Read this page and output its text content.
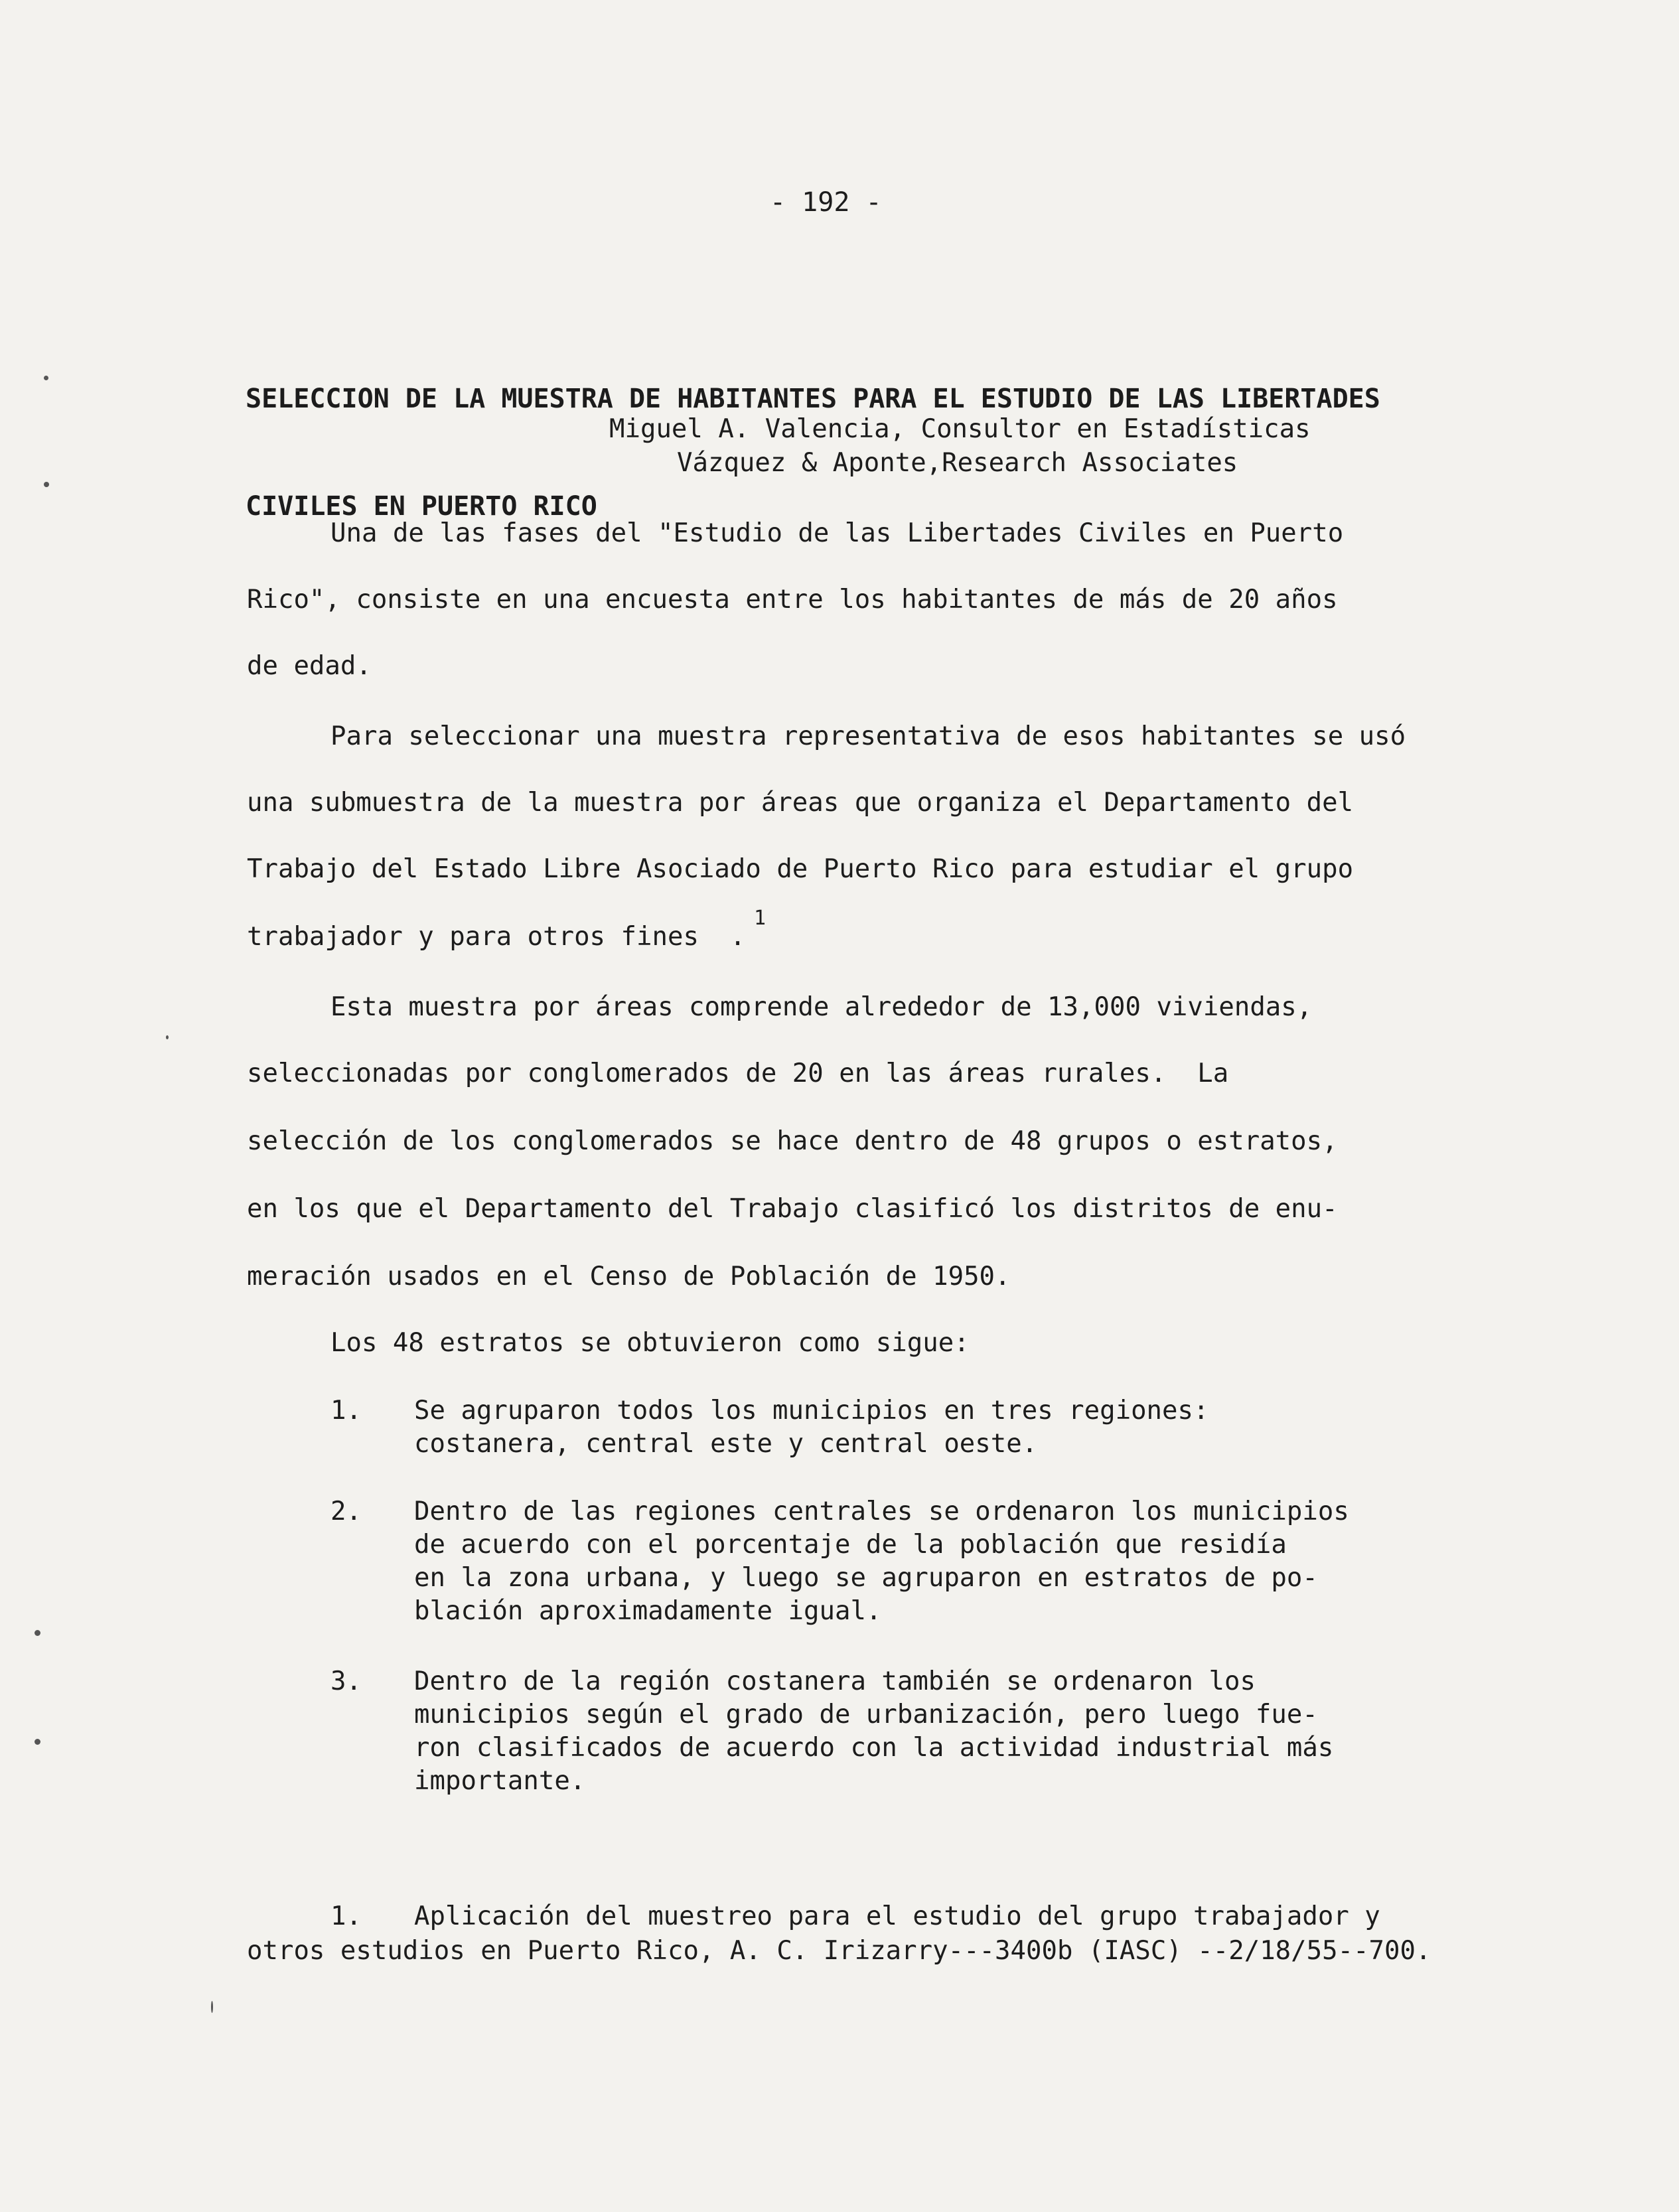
- 192 -

SELECCION DE LA MUESTRA DE HABITANTES PARA EL ESTUDIO DE LAS LIBERTADES

CIVILES EN PUERTO RICO

Miguel A. Valencia, Consultor en Estadísticas
Vázquez & Aponte,Research Associates
Una de las fases del "Estudio de las Libertades Civiles en Puerto
Rico", consiste en una encuesta entre los habitantes de más de 20 años
de edad.
Para seleccionar una muestra representativa de esos habitantes se usó
una submuestra de la muestra por áreas que organiza el Departamento del
Trabajo del Estado Libre Asociado de Puerto Rico para estudiar el grupo
trabajador y para otros fines  .
1
Esta muestra por áreas comprende alrededor de 13,000 viviendas,
seleccionadas por conglomerados de 20 en las áreas rurales.  La
selección de los conglomerados se hace dentro de 48 grupos o estratos,
en los que el Departamento del Trabajo clasificó los distritos de enu-
meración usados en el Censo de Población de 1950.
Los 48 estratos se obtuvieron como sigue:
1. Se agruparon todos los municipios en tres regiones:
costanera, central este y central oeste.
2. Dentro de las regiones centrales se ordenaron los municipios
de acuerdo con el porcentaje de la población que residía
en la zona urbana, y luego se agruparon en estratos de po-
blación aproximadamente igual.
3. Dentro de la región costanera también se ordenaron los
municipios según el grado de urbanización, pero luego fue-
ron clasificados de acuerdo con la actividad industrial más
importante.
1. Aplicación del muestreo para el estudio del grupo trabajador y
otros estudios en Puerto Rico, A. C. Irizarry---3400b (IASC) --2/18/55--700.
